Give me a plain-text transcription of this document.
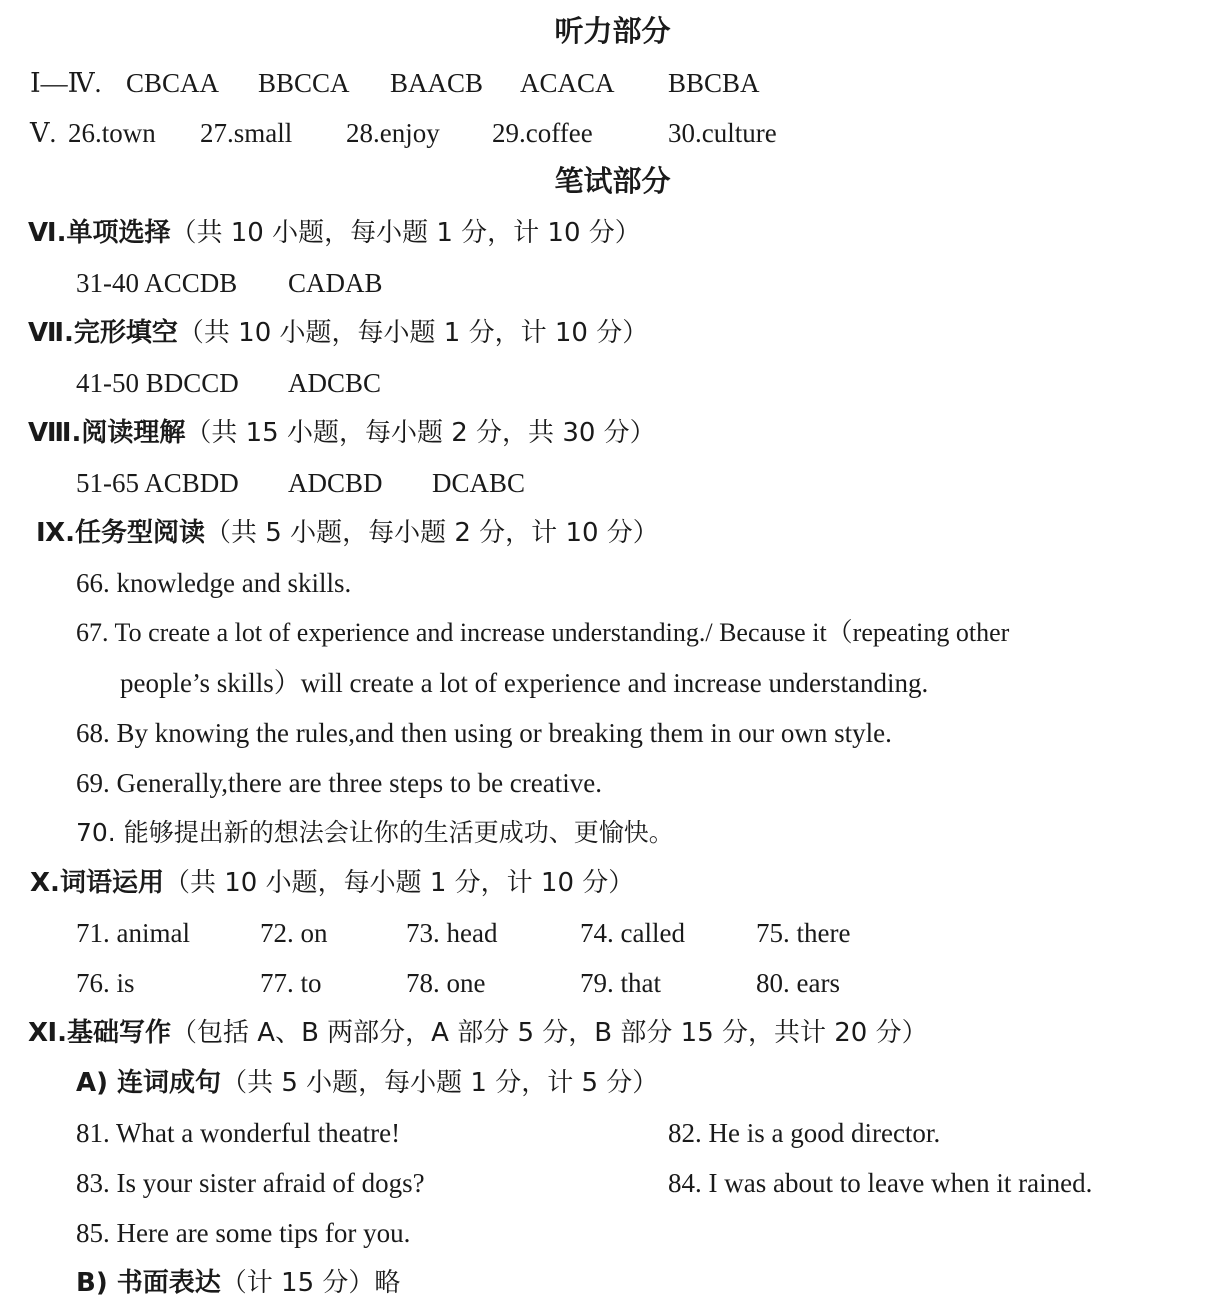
听力部分
Ⅰ—Ⅳ. CBCAA BBCCA BAACB ACACA BBCBA
Ⅴ. 26.town 27.small 28.enjoy 29.coffee	30.culture
笔试部分
Ⅵ.单项选择（共 10 小题，每小题 1 分，计 10 分）
31-40 ACCDB CADAB
Ⅶ.完形填空（共 10 小题，每小题 1 分，计 10 分）
41-50 BDCCD ADCBC
Ⅷ.阅读理解（共 15 小题，每小题 2 分，共 30 分）
51-65 ACBDD ADCBD DCABC
Ⅸ.任务型阅读（共 5 小题，每小题 2 分，计 10 分）
66. knowledge and skills.
67. To create a lot of experience and increase understanding./ Because it（repeating other
people’s skills）will create a lot of experience and increase understanding.
68. By knowing the rules,and then using or breaking them in our own style.
69. Generally,there are three steps to be creative.
70. 能够提出新的想法会让你的生活更成功、更愉快。
Ⅹ.词语运用（共 10 小题，每小题 1 分，计 10 分）
71. animal	72. on	73. head	74. called	75. there
76. is	77. to	78. one	79. that	80. ears
Ⅺ.基础写作（包括 A、B 两部分，A 部分 5 分，B 部分 15 分，共计 20 分）
A) 连词成句（共 5 小题，每小题 1 分，计 5 分）
81. What a wonderful theatre!	82. He is a good director.
83. Is your sister afraid of dogs?	84. I was about to leave when it rained.
85. Here are some tips for you.
B) 书面表达（计 15 分）略
